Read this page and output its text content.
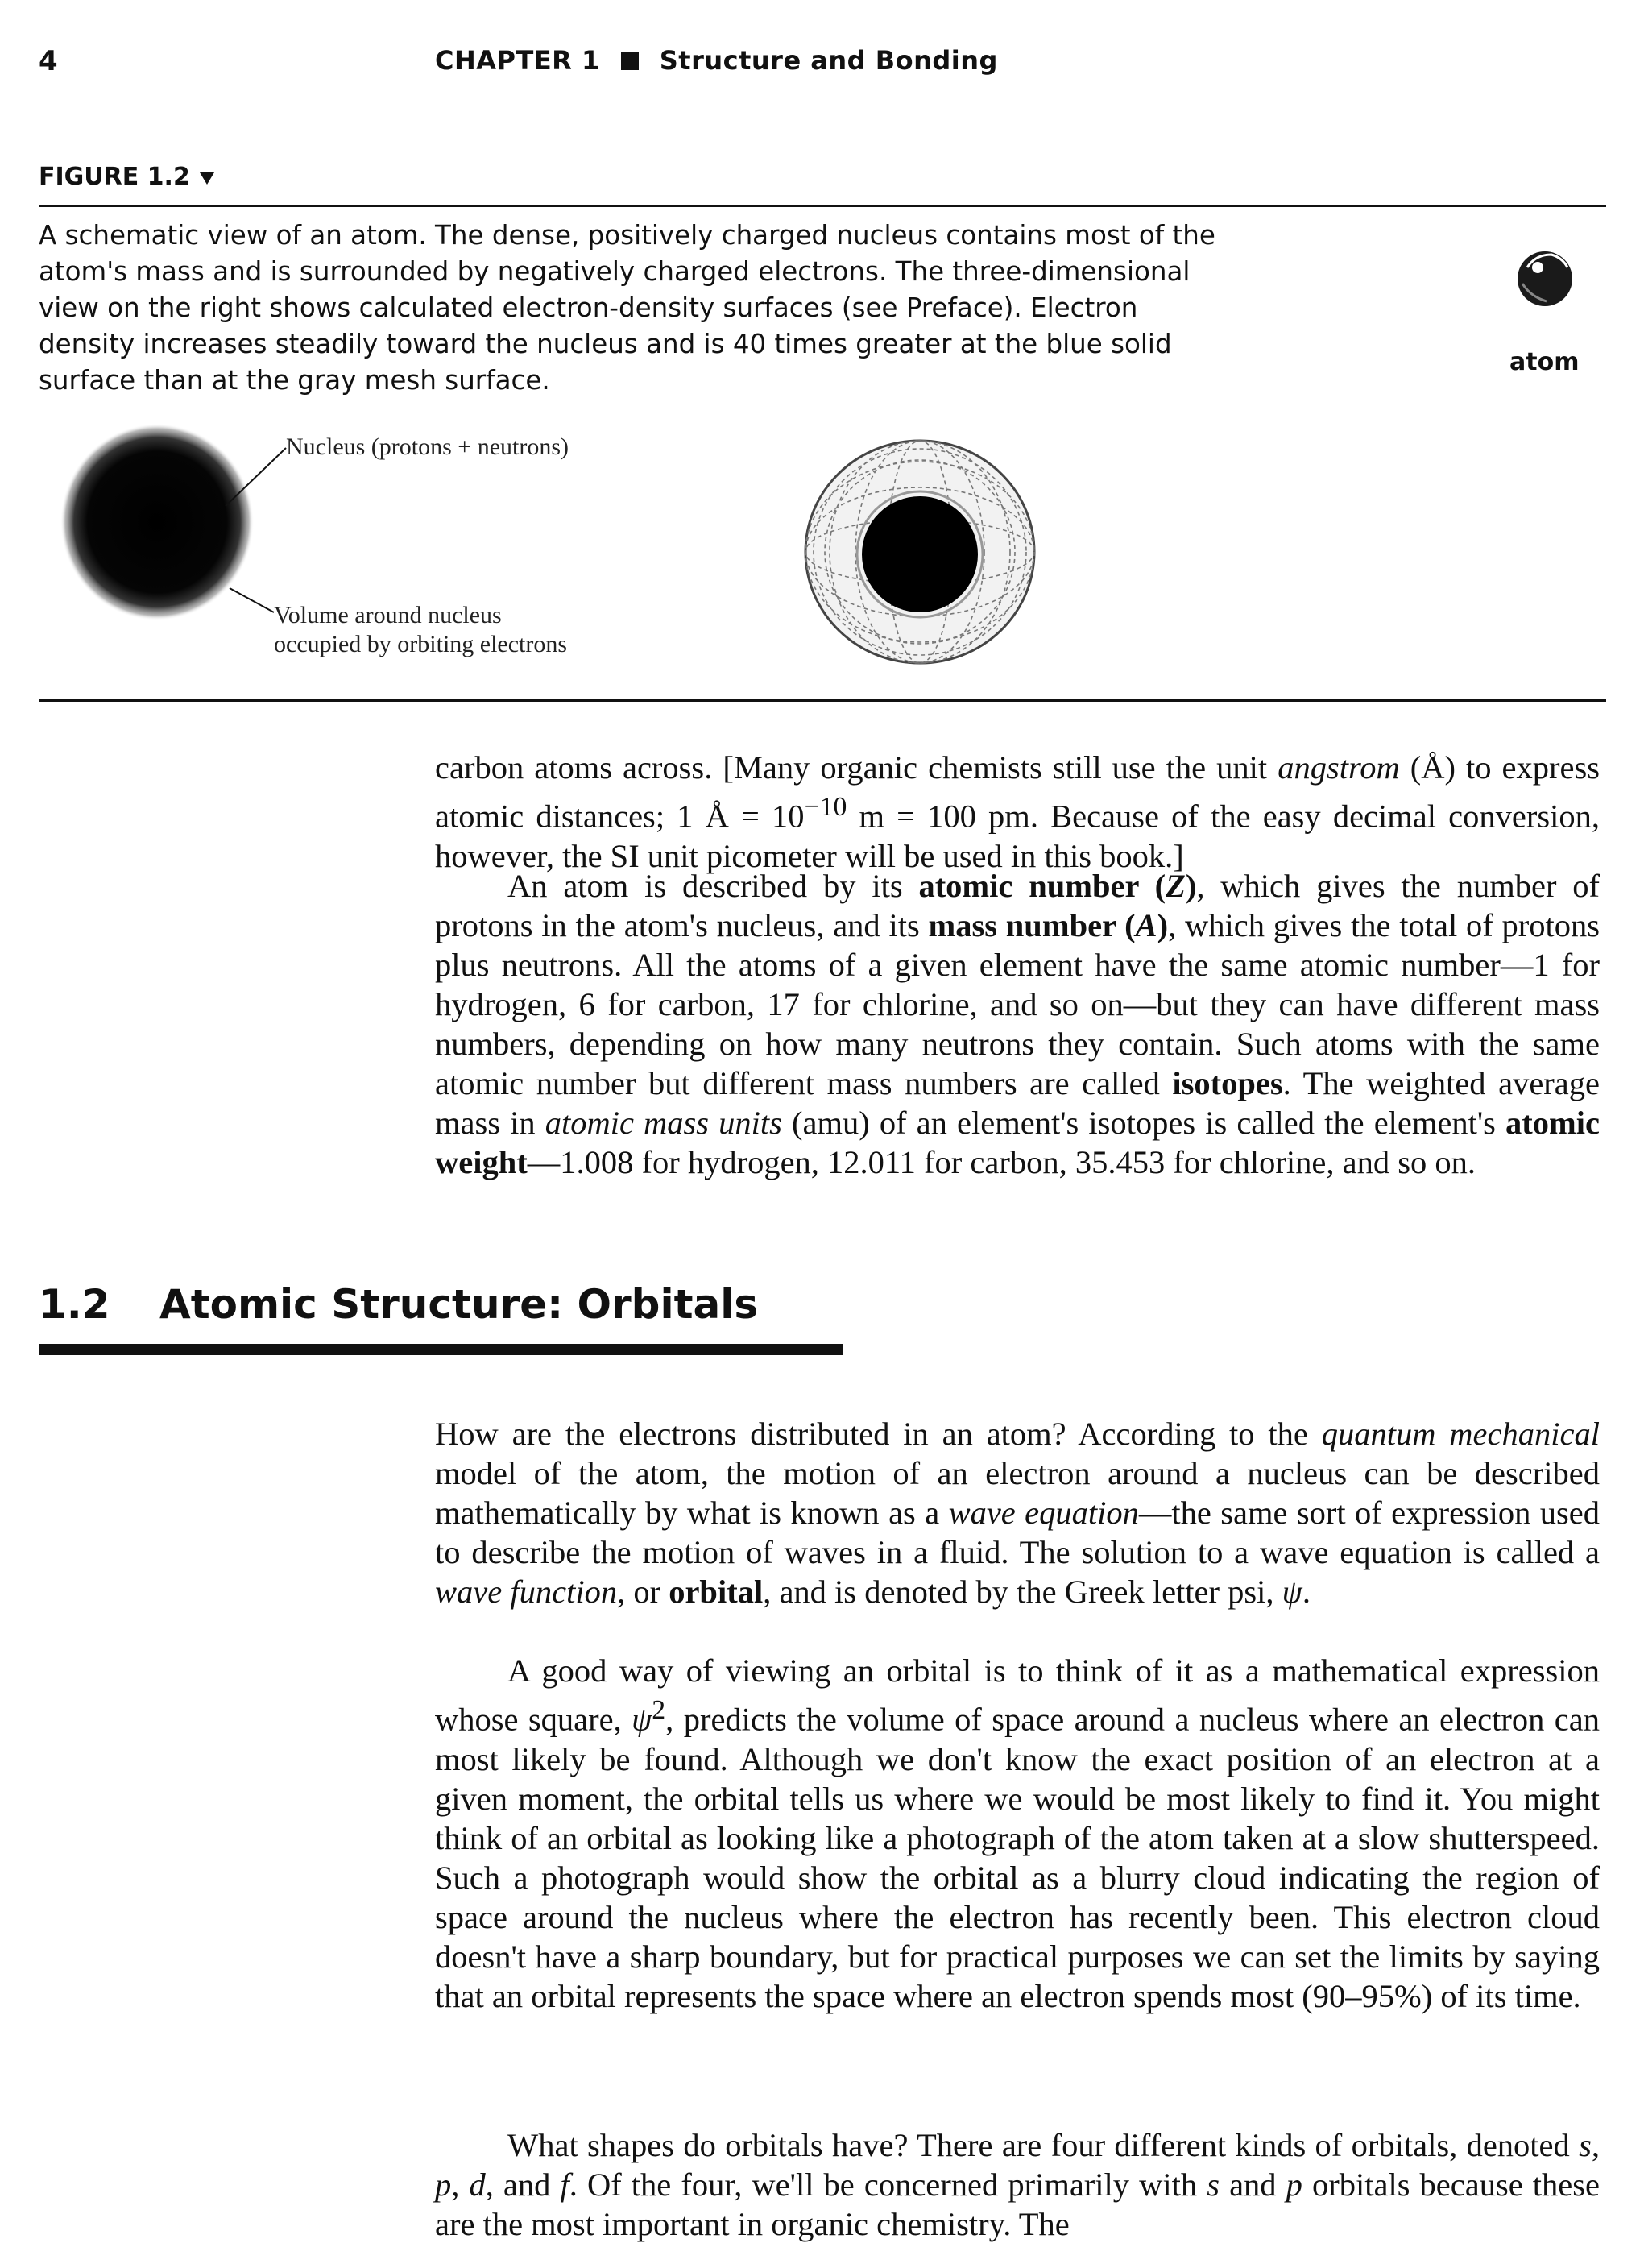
4	CHAPTER 1 Structure and Bonding
FIGURE 1.2

A schematic view of an atom. The dense, positively charged nucleus contains most of the atom's mass and is surrounded by negatively charged electrons. The three-dimensional view on the right shows calculated electron-density surfaces (see Preface). Electron density increases steadily toward the nucleus and is 40 times greater at the blue solid surface than at the gray mesh surface.

atom
Nucleus (protons + neutrons)
Volume around nucleus
occupied by orbiting electrons

carbon atoms across. [Many organic chemists still use the unit angstrom (Å) to express atomic distances; 1 Å = $10^{-10}$ m = 100 pm. Because of the easy decimal conversion, however, the SI unit picometer will be used in this book.]

An atom is described by its atomic number (Z), which gives the number of protons in the atom's nucleus, and its mass number (A), which gives the total of protons plus neutrons. All the atoms of a given element have the same atomic number—1 for hydrogen, 6 for carbon, 17 for chlorine, and so on—but they can have different mass numbers, depending on how many neutrons they contain. Such atoms with the same atomic number but different mass numbers are called isotopes. The weighted average mass in atomic mass units (amu) of an element's isotopes is called the element's atomic weight—1.008 for hydrogen, 12.011 for carbon, 35.453 for chlorine, and so on.

1.2 Atomic Structure: Orbitals

How are the electrons distributed in an atom? According to the quantum mechanical model of the atom, the motion of an electron around a nucleus can be described mathematically by what is known as a wave equation—the same sort of expression used to describe the motion of waves in a fluid. The solution to a wave equation is called a wave function, or orbital, and is denoted by the Greek letter psi, ψ.

A good way of viewing an orbital is to think of it as a mathematical expression whose square, $\psi^2$, predicts the volume of space around a nucleus where an electron can most likely be found. Although we don't know the exact position of an electron at a given moment, the orbital tells us where we would be most likely to find it. You might think of an orbital as looking like a photograph of the atom taken at a slow shutterspeed. Such a photograph would show the orbital as a blurry cloud indicating the region of space around the nucleus where the electron has recently been. This electron cloud doesn't have a sharp boundary, but for practical purposes we can set the limits by saying that an orbital represents the space where an electron spends most (90–95%) of its time.

What shapes do orbitals have? There are four different kinds of orbitals, denoted s, p, d, and f. Of the four, we'll be concerned primarily with s and p orbitals because these are the most important in organic chemistry. The
